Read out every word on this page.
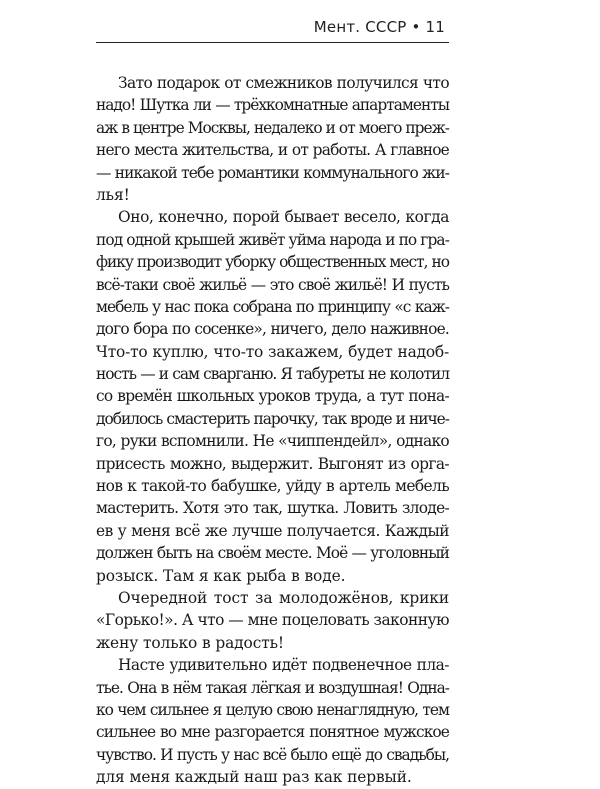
Мент. СССР • 11
Зато подарок от смежников получился что
надо! Шутка ли — трёхкомнатные апартаменты
аж в центре Москвы, недалеко и от моего преж-
него места жительства, и от работы. А главное
— никакой тебе романтики коммунального жи-
лья!
Оно, конечно, порой бывает весело, когда
под одной крышей живёт уйма народа и по гра-
фику производит уборку общественных мест, но
всё-таки своё жильё — это своё жильё! И пусть
мебель у нас пока собрана по принципу «с каж-
дого бора по сосенке», ничего, дело наживное.
Что-то куплю, что-то закажем, будет надоб-
ность — и сам сварганю. Я табуреты не колотил
со времён школьных уроков труда, а тут пона-
добилось смастерить парочку, так вроде и ниче-
го, руки вспомнили. Не «чиппендейл», однако
присесть можно, выдержит. Выгонят из орга-
нов к такой-то бабушке, уйду в артель мебель
мастерить. Хотя это так, шутка. Ловить злоде-
ев у меня всё же лучше получается. Каждый
должен быть на своём месте. Моё — уголовный
розыск. Там я как рыба в воде.
Очередной тост за молодожёнов, крики
«Горько!». А что — мне поцеловать законную
жену только в радость!
Насте удивительно идёт подвенечное пла-
тье. Она в нём такая лёгкая и воздушная! Одна-
ко чем сильнее я целую свою ненаглядную, тем
сильнее во мне разгорается понятное мужское
чувство. И пусть у нас всё было ещё до свадьбы,
для меня каждый наш раз как первый.
